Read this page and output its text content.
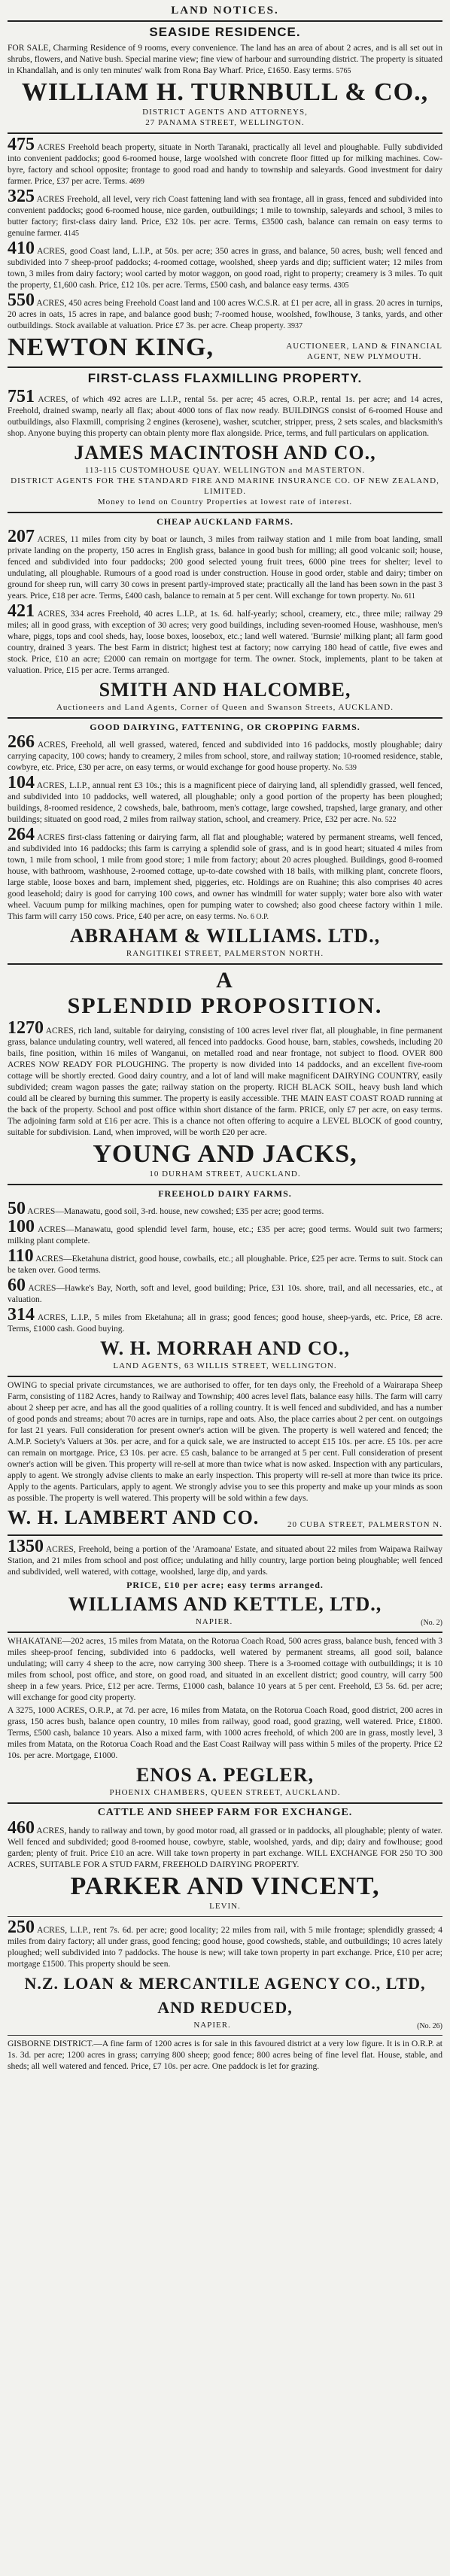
LAND NOTICES.
SEASIDE RESIDENCE.
FOR SALE, Charming Residence of 9 rooms, every convenience. The land has an area of about 2 acres, and is all set out in shrubs, flowers, and Native bush. Special marine view; fine view of harbour and surrounding district. The property is situated in Khandallah, and is only ten minutes' walk from Rona Bay Wharf. Price, £1650. Easy terms. 5765
WILLIAM H. TURNBULL & CO.,
DISTRICT AGENTS AND ATTORNEYS,
27 PANAMA STREET, WELLINGTON.
475 ACRES Freehold beach property, situate in North Taranaki, practically all level and ploughable. Fully subdivided into convenient paddocks; good 6-roomed house, large woolshed with concrete floor fitted up for milking machines. Cow-byre, factory and school opposite; frontage to good road and handy to township and saleyards. Good investment for dairy farmer. Price, £37 per acre. Terms. 4699
325 ACRES Freehold, all level, very rich Coast fattening land with sea frontage, all in grass, fenced and subdivided into convenient paddocks; good 6-roomed house, nice garden, outbuildings; 1 mile to township, saleyards and school, 3 miles to butter factory; first-class dairy land. Price, £32 10s. per acre. Terms, £3500 cash, balance can remain on easy terms to genuine farmer. 4145
410 ACRES, good Coast land, L.I.P., at 50s. per acre; 350 acres in grass, and balance, 50 acres, bush; well fenced and subdivided into 7 sheep-proof paddocks; 4-roomed cottage, woolshed, sheep yards and dip; sufficient water; 12 miles from town, 3 miles from dairy factory; wool carted by motor waggon, on good road, right to property; creamery is 3 miles. To quit the property, £1,600 cash. Price, £12 10s. per acre. Terms, £500 cash, and balance easy terms. 4305
550 ACRES, 450 acres being Freehold Coast land and 100 acres W.C.S.R. at £1 per acre, all in grass. 20 acres in turnips, 20 acres in oats, 15 acres in rape, and balance good bush; 7-roomed house, woolshed, fowlhouse, 3 tanks, yards, and other outbuildings. Stock available at valuation. Price £7 3s. per acre. Cheap property. 3937
NEWTON KING,	AUCTIONEER, LAND & FINANCIAL
AGENT, NEW PLYMOUTH.
FIRST-CLASS FLAXMILLING PROPERTY.
751 ACRES, of which 492 acres are L.I.P., rental 5s. per acre; 45 acres, O.R.P., rental 1s. per acre; and 14 acres, Freehold, drained swamp, nearly all flax; about 4000 tons of flax now ready. BUILDINGS consist of 6-roomed House and outbuildings, also Flaxmill, comprising 2 engines (kerosene), washer, scutcher, stripper, press, 2 sets scales, and blacksmith's shop. Anyone buying this property can obtain plenty more flax alongside. Price, terms, and full particulars on application.
JAMES MACINTOSH AND CO.,
113-115 CUSTOMHOUSE QUAY. WELLINGTON and MASTERTON.
DISTRICT AGENTS FOR THE STANDARD FIRE AND MARINE INSURANCE CO. OF NEW ZEALAND, LIMITED.
Money to lend on Country Properties at lowest rate of interest.
CHEAP AUCKLAND FARMS.
207 ACRES, 11 miles from city by boat or launch, 3 miles from railway station and 1 mile from boat landing, small private landing on the property, 150 acres in English grass, balance in good bush for milling; all good volcanic soil; house, fenced and subdivided into four paddocks; 200 good selected young fruit trees, 6000 pine trees for shelter; level to undulating, all ploughable. Rumours of a good road is under construction. House in good order, stable and dairy; timber on ground for sheep run, will carry 30 cows in present partly-improved state; practically all the land has been sown in the past 3 years. Price, £18 per acre. Terms, £400 cash, balance to remain at 5 per cent. Will exchange for town property. No. 611
421 ACRES, 334 acres Freehold, 40 acres L.I.P., at 1s. 6d. half-yearly; school, creamery, etc., three mile; railway 29 miles; all in good grass, with exception of 30 acres; very good buildings, including seven-roomed House, washhouse, men's whare, piggs, tops and cool sheds, hay, loose boxes, loosebox, etc.; land well watered. 'Burnsie' milking plant; all farm good country, drained 3 years. The best Farm in district; highest test at factory; now carrying 180 head of cattle, five ewes and stock. Price, £10 an acre; £2000 can remain on mortgage for term. The owner. Stock, implements, plant to be taken at valuation. Price, £15 per acre. Terms arranged.
SMITH AND HALCOMBE,
Auctioneers and Land Agents, Corner of Queen and Swanson Streets, AUCKLAND.
GOOD DAIRYING, FATTENING, OR CROPPING FARMS.
266 ACRES, Freehold, all well grassed, watered, fenced and subdivided into 16 paddocks, mostly ploughable; dairy carrying capacity, 100 cows; handy to creamery, 2 miles from school, store, and railway station; 10-roomed residence, stable, cowbyre, etc. Price, £30 per acre, on easy terms, or would exchange for good house property. No. 539
104 ACRES, L.I.P., annual rent £3 10s.; this is a magnificent piece of dairying land, all splendidly grassed, well fenced, and subdivided into 10 paddocks, well watered, all ploughable; only a good portion of the property has been ploughed; buildings, 8-roomed residence, 2 cowsheds, bale, bathroom, men's cottage, large cowshed, trapshed, large granary, and other buildings; situated on good road, 2 miles from railway station, school, and creamery. Price, £32 per acre. No. 522
264 ACRES first-class fattening or dairying farm, all flat and ploughable; watered by permanent streams, well fenced, and subdivided into 16 paddocks; this farm is carrying a splendid sole of grass, and is in good heart; situated 4 miles from town, 1 mile from school, 1 mile from good store; 1 mile from factory; about 20 acres ploughed. Buildings, good 8-roomed house, with bathroom, washhouse, 2-roomed cottage, up-to-date cowshed with 18 bails, with milking plant, concrete floors, large stable, loose boxes and barn, implement shed, piggeries, etc. Holdings are on Ruahine; this also comprises 40 acres good leasehold; dairy is good for carrying 100 cows, and owner has windmill for water supply; water bore also with water wheel. Vacuum pump for milking machines, open for pumping water to cowshed; also good cheese factory within 1 mile. This farm will carry 150 cows. Price, £40 per acre, on easy terms. No. 6 O.P.
ABRAHAM & WILLIAMS. LTD.,
RANGITIKEI STREET, PALMERSTON NORTH.
A
SPLENDID PROPOSITION.
1270 ACRES, rich land, suitable for dairying, consisting of 100 acres level river flat, all ploughable, in fine permanent grass, balance undulating country, well watered, all fenced into paddocks. Good house, barn, stables, cowsheds, including 20 bails, fine position, within 16 miles of Wanganui, on metalled road and near frontage, not subject to flood. OVER 800 ACRES NOW READY FOR PLOUGHING. The property is now divided into 14 paddocks, and an excellent five-room cottage will be shortly erected. Good dairy country, and a lot of land will make magnificent DAIRYING COUNTRY, easily subdivided; cream wagon passes the gate; railway station on the property. RICH BLACK SOIL, heavy bush land which could all be cleared by burning this summer. The property is easily accessible. THE MAIN EAST COAST ROAD running at the back of the property. School and post office within short distance of the farm. PRICE, only £7 per acre, on easy terms. The adjoining farm sold at £16 per acre. This is a chance not often offering to acquire a LEVEL BLOCK of good country, suitable for subdivision. Land, when improved, will be worth £20 per acre.
YOUNG AND JACKS,
10 DURHAM STREET, AUCKLAND.
FREEHOLD DAIRY FARMS.
50 ACRES—Manawatu, good soil, 3-rd. house, new cowshed; £35 per acre; good terms.
100 ACRES—Manawatu, good splendid level farm, house, etc.; £35 per acre; good terms. Would suit two farmers; milking plant complete.
110 ACRES—Eketahuna district, good house, cowbails, etc.; all ploughable. Price, £25 per acre. Terms to suit. Stock can be taken over. Good terms.
60 ACRES—Hawke's Bay, North, soft and level, good building; Price, £31 10s. shore, trail, and all necessaries, etc., at valuation.
314 ACRES, L.I.P., 5 miles from Eketahuna; all in grass; good fences; good house, sheep-yards, etc. Price, £8 acre. Terms, £1000 cash. Good buying.
W. H. MORRAH AND CO.,
LAND AGENTS, 63 WILLIS STREET, WELLINGTON.
OWING to special private circumstances, we are authorised to offer, for ten days only, the Freehold of a Wairarapa Sheep Farm, consisting of 1182 Acres, handy to Railway and Township; 400 acres level flats, balance easy hills. The farm will carry about 2 sheep per acre, and has all the good qualities of a rolling country. It is well fenced and subdivided, and has a number of good ponds and streams; about 70 acres are in turnips, rape and oats. Also, the place carries about 2 per cent. on outgoings for last 21 years. Full consideration for present owner's action will be given. The property is well watered and fenced; the A.M.P. Society's Valuers at 30s. per acre, and for a quick sale, we are instructed to accept £15 10s. per acre. £5 10s. per acre can remain on mortgage. Price, £3 10s. per acre. £5 cash, balance to be arranged at 5 per cent. Full consideration of present owner's action will be given. This property will re-sell at more than twice what is now asked. Inspection with any particulars, apply to agent. We strongly advise clients to make an early inspection. This property will re-sell at more than twice its price. Apply to the agents. Particulars, apply to agent. We strongly advise you to see this property and make up your minds as soon as possible. The property is well watered. This property will be sold within a few days.
W. H. LAMBERT AND CO.	20 CUBA STREET, PALMERSTON N.
1350 ACRES, Freehold, being a portion of the 'Aramoana' Estate, and situated about 22 miles from Waipawa Railway Station, and 21 miles from school and post office; undulating and hilly country, large portion being ploughable; well fenced and subdivided, well watered, with cottage, woolshed, large dip, and yards.
PRICE, £10 per acre; easy terms arranged.
WILLIAMS AND KETTLE, LTD.,
NAPIER.	(No. 2)
WHAKATANE—202 acres, 15 miles from Matata, on the Rotorua Coach Road, 500 acres grass, balance bush, fenced with 3 miles sheep-proof fencing, subdivided into 6 paddocks, well watered by permanent streams, all good soil, balance undulating; will carry 4 sheep to the acre, now carrying 300 sheep. There is a 3-roomed cottage with outbuildings; it is 10 miles from school, post office, and store, on good road, and situated in an excellent district; good country, will carry 500 sheep in a few years. Price, £12 per acre. Terms, £1000 cash, balance 10 years at 5 per cent. Freehold, £3 5s. 6d. per acre; will exchange for good city property.
A 3275, 1000 ACRES, O.R.P., at 7d. per acre, 16 miles from Matata, on the Rotorua Coach Road, good district, 200 acres in grass, 150 acres bush, balance open country, 10 miles from railway, good road, good grazing, well watered. Price, £1800. Terms, £500 cash, balance 10 years. Also a mixed farm, with 1000 acres freehold, of which 200 are in grass, mostly level, 3 miles from Matata, on the Rotorua Coach Road and the East Coast Railway will pass within 5 miles of the property. Price £2 10s. per acre. Mortgage, £1000.
ENOS A. PEGLER,
PHOENIX CHAMBERS, QUEEN STREET, AUCKLAND.
CATTLE AND SHEEP FARM FOR EXCHANGE.
460 ACRES, handy to railway and town, by good motor road, all grassed or in paddocks, all ploughable; plenty of water. Well fenced and subdivided; good 8-roomed house, cowbyre, stable, woolshed, yards, and dip; dairy and fowlhouse; good garden; plenty of fruit. Price £10 an acre. Will take town property in part exchange. WILL EXCHANGE FOR 250 TO 300 ACRES, SUITABLE FOR A STUD FARM, FREEHOLD DAIRYING PROPERTY.
PARKER AND VINCENT,
LEVIN.
250 ACRES, L.I.P., rent 7s. 6d. per acre; good locality; 22 miles from rail, with 5 mile frontage; splendidly grassed; 4 miles from dairy factory; all under grass, good fencing; good house, good cowsheds, stable, and outbuildings; 10 acres lately ploughed; well subdivided into 7 paddocks. The house is new; will take town property in part exchange. Price, £10 per acre; mortgage £1500. This property should be seen.
N.Z. LOAN & MERCANTILE AGENCY CO., LTD,
AND REDUCED,
NAPIER.	(No. 26)
GISBORNE DISTRICT.—A fine farm of 1200 acres is for sale in this favoured district at a very low figure. It is in O.R.P. at 1s. 3d. per acre; 1200 acres in grass; carrying 800 sheep; good fence; 800 acres being of fine level flat. House, stable, and sheds; all well watered and fenced. Price, £7 10s. per acre. One paddock is let for grazing.
